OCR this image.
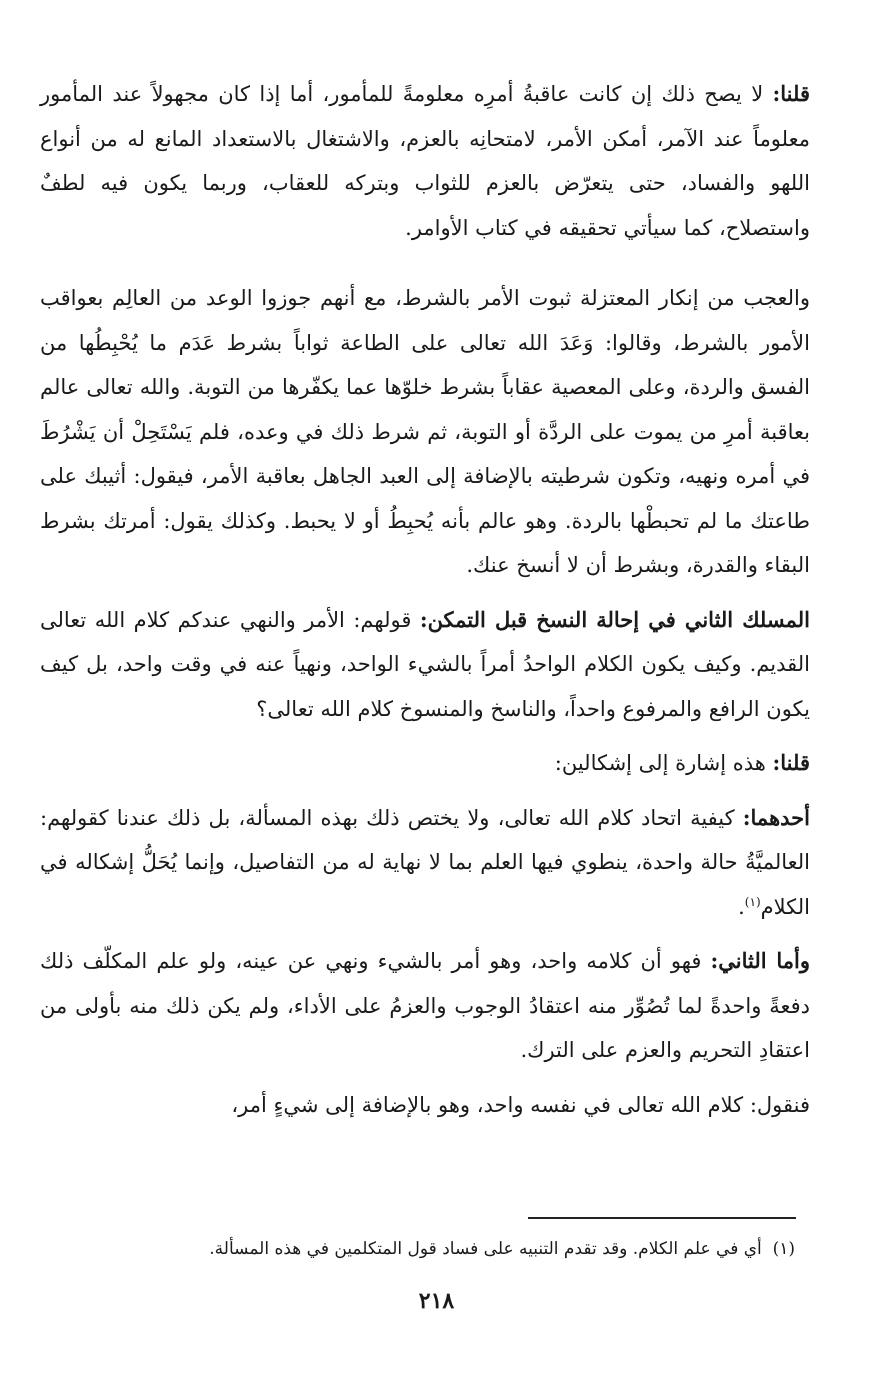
قلنا: لا يصح ذلك إن كانت عاقبةُ أمرِه معلومةً للمأمور، أما إذا كان مجهولاً عند المأمور معلوماً عند الآمر، أمكن الأمر، لامتحانِه بالعزم، والاشتغال بالاستعداد المانع له من أنواع اللهو والفساد، حتى يتعرّض بالعزم للثواب وبتركه للعقاب، وربما يكون فيه لطفٌ واستصلاح، كما سيأتي تحقيقه في كتاب الأوامر.

والعجب من إنكار المعتزلة ثبوت الأمر بالشرط، مع أنهم جوزوا الوعد من العالِم بعواقب الأمور بالشرط، وقالوا: وَعَدَ الله تعالى على الطاعة ثواباً بشرط عَدَم ما يُحْبِطُها من الفسق والردة، وعلى المعصية عقاباً بشرط خلوّها عما يكفّرها من التوبة. والله تعالى عالم بعاقبة أمرِ من يموت على الردَّة أو التوبة، ثم شرط ذلك في وعده، فلم يَسْتَحِلْ أن يَشْرُطَ في أمره ونهيه، وتكون شرطيته بالإضافة إلى العبد الجاهل بعاقبة الأمر، فيقول: أثيبك على طاعتك ما لم تحبطْها بالردة. وهو عالم بأنه يُحبِطُ أو لا يحبط. وكذلك يقول: أمرتك بشرط البقاء والقدرة، وبشرط أن لا أنسخ عنك.

المسلك الثاني في إحالة النسخ قبل التمكن: قولهم: الأمر والنهي عندكم كلام الله تعالى القديم. وكيف يكون الكلام الواحدُ أمراً بالشيء الواحد، ونهياً عنه في وقت واحد، بل كيف يكون الرافع والمرفوع واحداً، والناسخ والمنسوخ كلام الله تعالى؟

قلنا: هذه إشارة إلى إشكالين:

أحدهما: كيفية اتحاد كلام الله تعالى، ولا يختص ذلك بهذه المسألة، بل ذلك عندنا كقولهم: العالميَّةُ حالة واحدة، ينطوي فيها العلم بما لا نهاية له من التفاصيل، وإنما يُحَلُّ إشكاله في الكلام$^{(١)}$.

وأما الثاني: فهو أن كلامه واحد، وهو أمر بالشيء ونهي عن عينه، ولو علم المكلّف ذلك دفعةً واحدةً لما تُصُوِّر منه اعتقادُ الوجوب والعزمُ على الأداء، ولم يكن ذلك منه بأولى من اعتقادِ التحريم والعزم على الترك.

فنقول: كلام الله تعالى في نفسه واحد، وهو بالإضافة إلى شيءٍ أمر،

(١)  أي في علم الكلام. وقد تقدم التنبيه على فساد قول المتكلمين في هذه المسألة.
٢١٨
